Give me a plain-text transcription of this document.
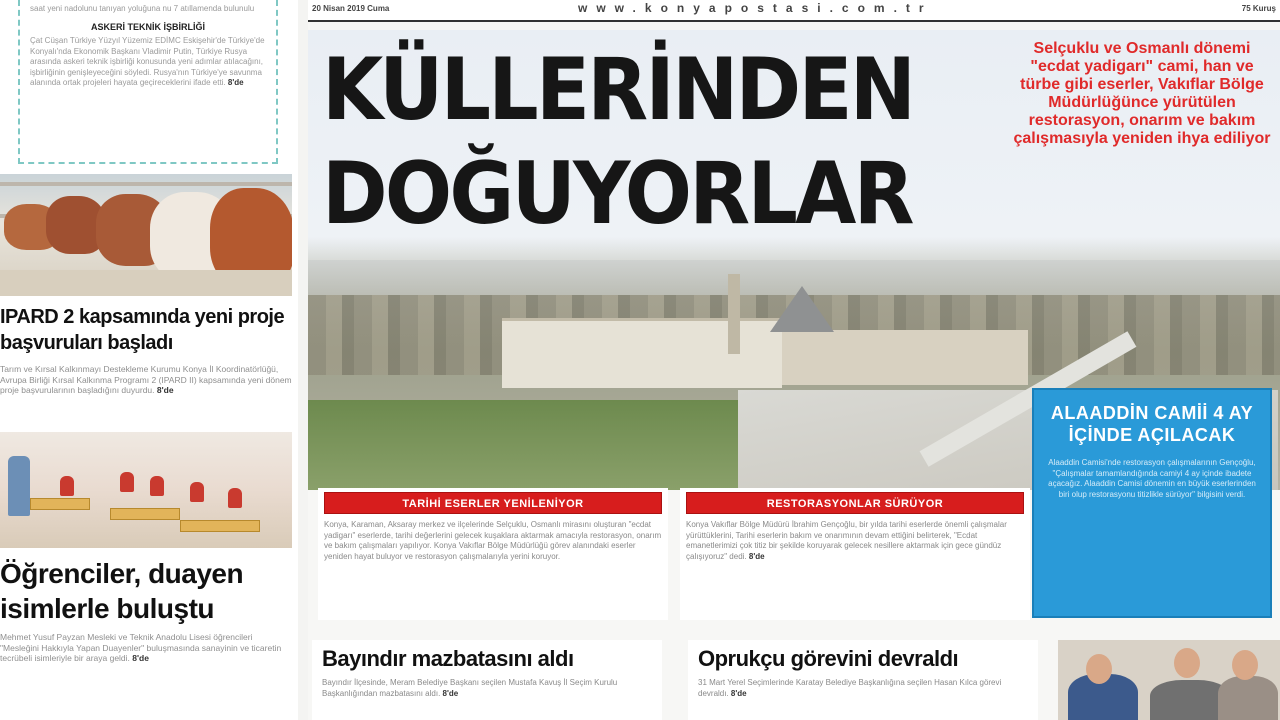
saat yeni nadolunu tanıyan yoluğuna nu 7 atıllamenda bulunulu
ASKERİ TEKNİK İŞBİRLİĞİ
Çat Cüşan Türkiye Yüzyıl Yüzemiz EDİMC Eskişehir'de Türkiye'de Konyalı'nda Ekonomik Başkanı Vladimir Putin, Türkiye Rusya arasında askeri teknik işbirliği konusunda yeni adımlar atılacağını, işbirliğinin genişleyeceğini söyledi. Rusya'nın Türkiye'ye savunma alanında ortak projeleri hayata geçireceklerini ifade etti. 8'de
IPARD 2 kapsamında yeni proje başvuruları başladı
Tarım ve Kırsal Kalkınmayı Destekleme Kurumu Konya İl Koordinatörlüğü, Avrupa Birliği Kırsal Kalkınma Programı 2 (IPARD II) kapsamında yeni dönem proje başvurularının başladığını duyurdu. 8'de
Öğrenciler, duayen isimlerle buluştu
Mehmet Yusuf Payzan Mesleki ve Teknik Anadolu Lisesi öğrencileri "Mesleğini Hakkıyla Yapan Duayenler" buluşmasında sanayinin ve ticaretin tecrübeli isimleriyle bir araya geldi. 8'de
20 Nisan 2019 Cuma	www.konyapostasi.com.tr	75 Kuruş
KÜLLERİNDEN
DOĞUYORLAR
Selçuklu ve Osmanlı dönemi "ecdat yadigarı" cami, han ve türbe gibi eserler, Vakıflar Bölge Müdürlüğünce yürütülen restorasyon, onarım ve bakım çalışmasıyla yeniden ihya ediliyor
TARİHİ ESERLER YENİLENİYOR
Konya, Karaman, Aksaray merkez ve ilçelerinde Selçuklu, Osmanlı mirasını oluşturan "ecdat yadigarı" eserlerde, tarihi değerlerini gelecek kuşaklara aktarmak amacıyla restorasyon, onarım ve bakım çalışmaları yapılıyor. Konya Vakıflar Bölge Müdürlüğü görev alanındaki eserler yeniden hayat buluyor ve restorasyon çalışmalarıyla yerini koruyor.
RESTORASYONLAR SÜRÜYOR
Konya Vakıflar Bölge Müdürü İbrahim Gençoğlu, bir yılda tarihi eserlerde önemli çalışmalar yürüttüklerini, Tarihi eserlerin bakım ve onarımının devam ettiğini belirterek, "Ecdat emanetlerimizi çok titiz bir şekilde koruyarak gelecek nesillere aktarmak için gece gündüz çalışıyoruz" dedi. 8'de
ALAADDİN CAMİİ 4 AY İÇİNDE AÇILACAK
Alaaddin Camisi'nde restorasyon çalışmalarının Gençoğlu, "Çalışmalar tamamlandığında camiyi 4 ay içinde ibadete açacağız. Alaaddin Camisi dönemin en büyük eserlerinden biri olup restorasyonu titizlikle sürüyor" bilgisini verdi.
Bayındır mazbatasını aldı
Bayındır İlçesinde, Meram Belediye Başkanı seçilen Mustafa Kavuş İl Seçim Kurulu Başkanlığından mazbatasını aldı. 8'de
Oprukçu görevini devraldı
31 Mart Yerel Seçimlerinde Karatay Belediye Başkanlığına seçilen Hasan Kılca görevi devraldı. 8'de
